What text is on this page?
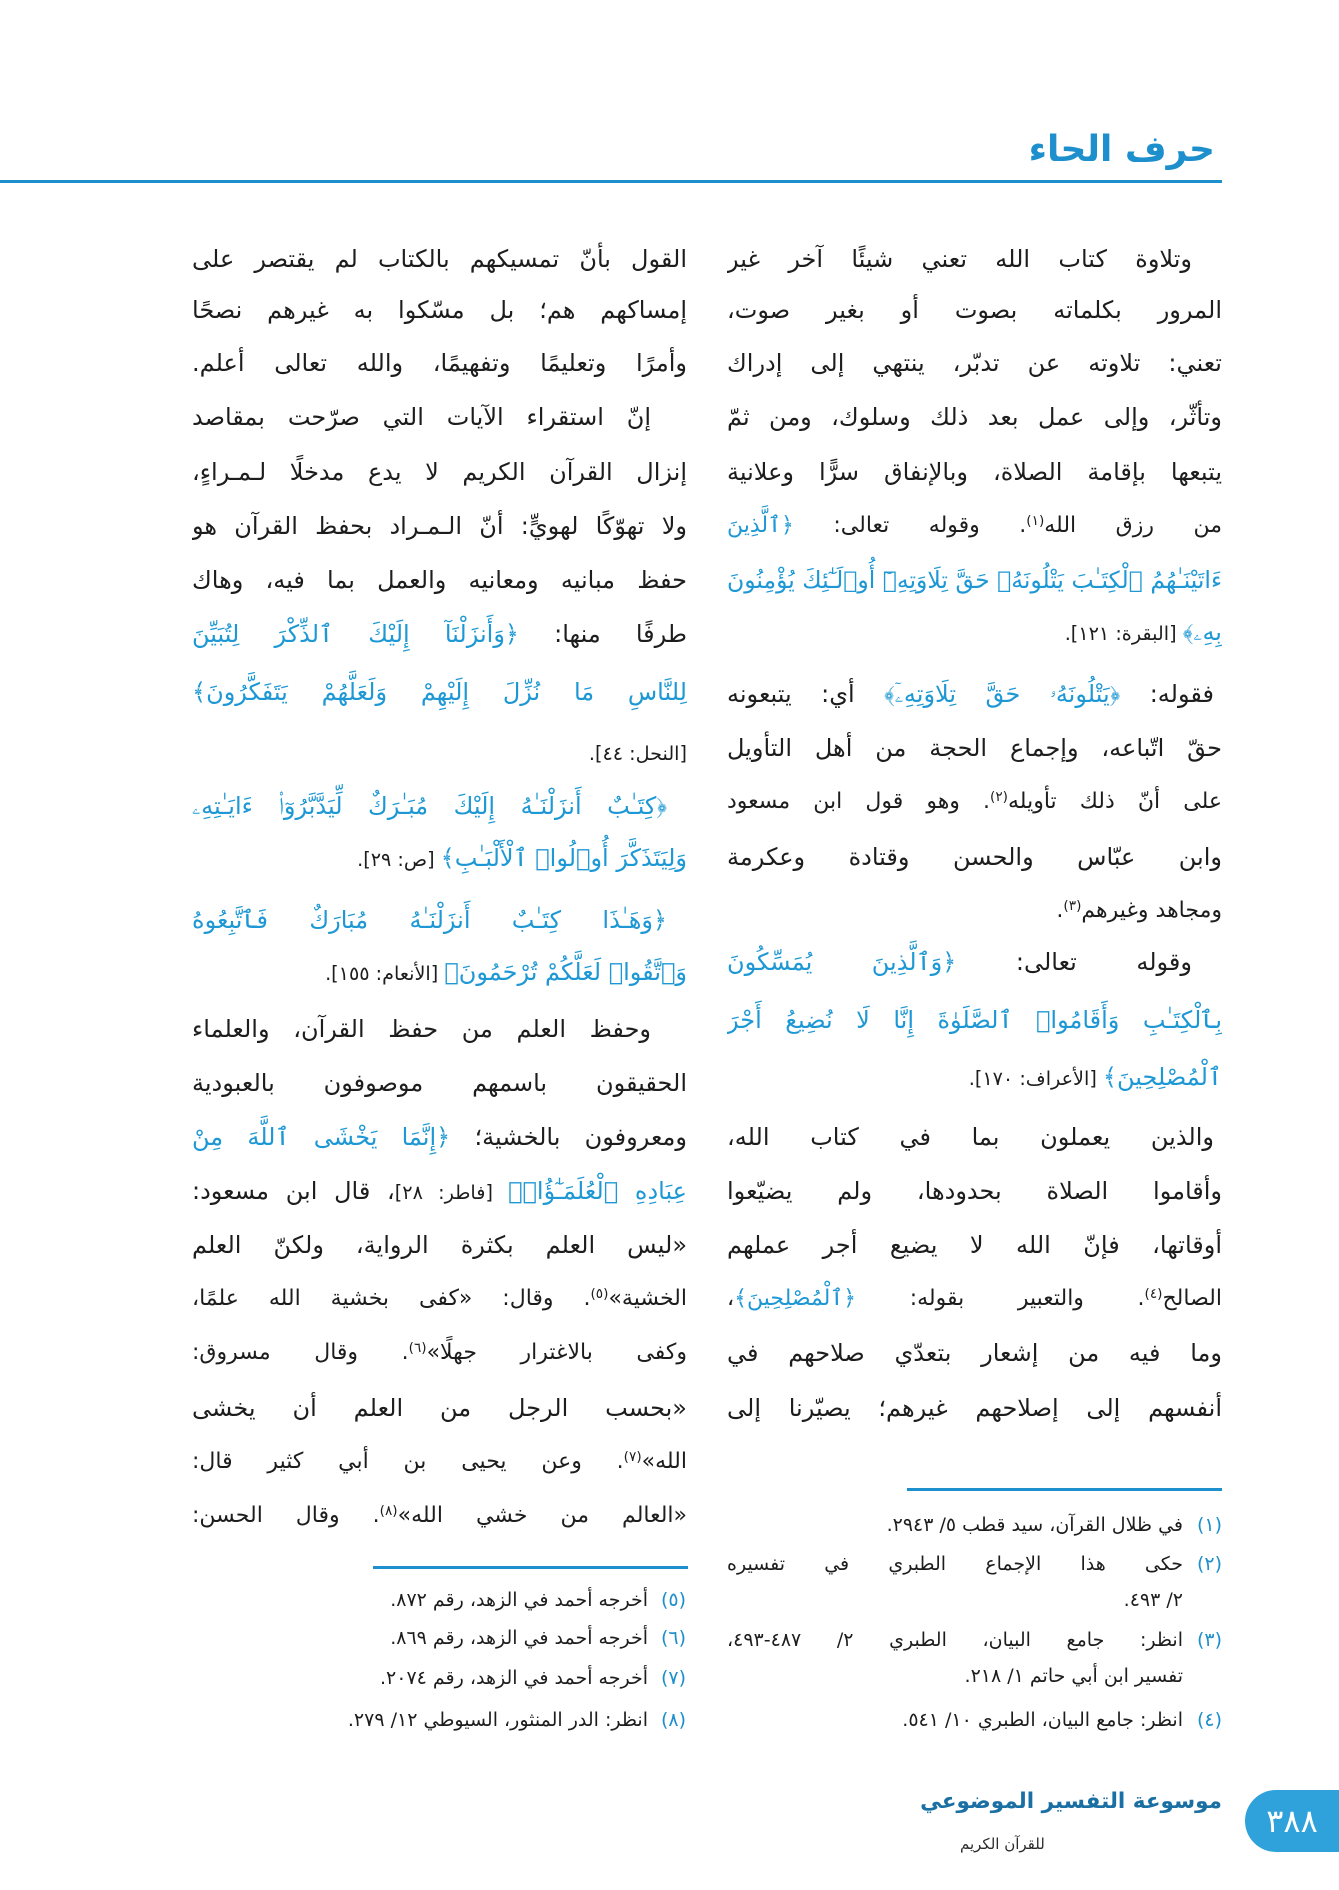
حرف الحاء
موسوعة التفسير الموضوعي
للقرآن الكريم
٣٨٨
وتلاوة كتاب الله تعني شيئًا آخر غير
المرور بكلماته بصوت أو بغير صوت،
تعني: تلاوته عن تدبّر، ينتهي إلى إدراك
وتأثّر، وإلى عمل بعد ذلك وسلوك، ومن ثمّ
يتبعها بإقامة الصلاة، وبالإنفاق سرًّا وعلانية
من رزق الله$^{(١)}$. وقوله تعالى: ﴿ٱلَّذِينَ
ءَاتَيْنَـٰهُمُ ٱلْكِتَـٰبَ يَتْلُونَهُۥ حَقَّ تِلَاوَتِهِۦٓ أُو۟لَـٰٓئِكَ يُؤْمِنُونَ
بِهِۦ﴾ [البقرة: ١٢١].
فقوله: ﴿يَتْلُونَهُۥ حَقَّ تِلَاوَتِهِۦٓ﴾ أي: يتبعونه
حقّ اتّباعه، وإجماع الحجة من أهل التأويل
على أنّ ذلك تأويله$^{(٢)}$. وهو قول ابن مسعود
وابن عبّاس والحسن وقتادة وعكرمة
ومجاهد وغيرهم$^{(٣)}$.
وقوله تعالى: ﴿وَٱلَّذِينَ يُمَسِّكُونَ
بِٱلْكِتَـٰبِ وَأَقَامُوا۟ ٱلصَّلَوٰةَ إِنَّا لَا نُضِيعُ أَجْرَ
ٱلْمُصْلِحِينَ﴾ [الأعراف: ١٧٠].
والذين يعملون بما في كتاب الله،
وأقاموا الصلاة بحدودها، ولم يضيّعوا
أوقاتها، فإنّ الله لا يضيع أجر عملهم
الصالح$^{(٤)}$. والتعبير بقوله: ﴿ٱلْمُصْلِحِينَ﴾،
وما فيه من إشعار بتعدّي صلاحهم في
أنفسهم إلى إصلاحهم غيرهم؛ يصيّرنا إلى
القول بأنّ تمسيكهم بالكتاب لم يقتصر على
إمساكهم هم؛ بل مسّكوا به غيرهم نصحًا
وأمرًا وتعليمًا وتفهيمًا، والله تعالى أعلم.
إنّ استقراء الآيات التي صرّحت بمقاصد
إنزال القرآن الكريم لا يدع مدخلًا لـمـراءٍ،
ولا تهوّكًا لهويٍّ: أنّ الـمـراد بحفظ القرآن هو
حفظ مبانيه ومعانيه والعمل بما فيه، وهاك
طرفًا منها: ﴿وَأَنزَلْنَآ إِلَيْكَ ٱلذِّكْرَ لِتُبَيِّنَ
لِلنَّاسِ مَا نُزِّلَ إِلَيْهِمْ وَلَعَلَّهُمْ يَتَفَكَّرُونَ﴾
[النحل: ٤٤].
﴿كِتَـٰبٌ أَنزَلْنَـٰهُ إِلَيْكَ مُبَـٰرَكٌ لِّيَدَّبَّرُوٓا۟ ءَايَـٰتِهِۦ
وَلِيَتَذَكَّرَ أُو۟لُوا۟ ٱلْأَلْبَـٰبِ﴾ [ص: ٢٩].
﴿وَهَـٰذَا كِتَـٰبٌ أَنزَلْنَـٰهُ مُبَارَكٌ فَٱتَّبِعُوهُ
وَٱتَّقُوا۟ لَعَلَّكُمْ تُرْحَمُونَ﴾ [الأنعام: ١٥٥].
وحفظ العلم من حفظ القرآن، والعلماء
الحقيقون باسمهم موصوفون بالعبودية
ومعروفون بالخشية؛ ﴿إِنَّمَا يَخْشَى ٱللَّهَ مِنْ
عِبَادِهِ ٱلْعُلَمَـٰٓؤُا۟﴾ [فاطر: ٢٨]، قال ابن مسعود:
«ليس العلم بكثرة الرواية، ولكنّ العلم
الخشية»$^{(٥)}$. وقال: «كفى بخشية الله علمًا،
وكفى بالاغترار جهلًا»$^{(٦)}$. وقال مسروق:
«بحسب الرجل من العلم أن يخشى
الله»$^{(٧)}$. وعن يحيى بن أبي كثير قال:
«العالم من خشي الله»$^{(٨)}$. وقال الحسن:	(١)
في ظلال القرآن، سيد قطب ٥/ ٢٩٤٣.
(٢)
حكى هذا الإجماع الطبري في تفسيره
٢/ ٤٩٣.
(٣)
انظر: جامع البيان، الطبري ٢/ ٤٨٧-٤٩٣،
تفسير ابن أبي حاتم ١/ ٢١٨.
(٤)
انظر: جامع البيان، الطبري ١٠/ ٥٤١.
(٥)
أخرجه أحمد في الزهد، رقم ٨٧٢.
(٦)
أخرجه أحمد في الزهد، رقم ٨٦٩.
(٧)
أخرجه أحمد في الزهد، رقم ٢٠٧٤.
(٨)
انظر: الدر المنثور، السيوطي ١٢/ ٢٧٩.
